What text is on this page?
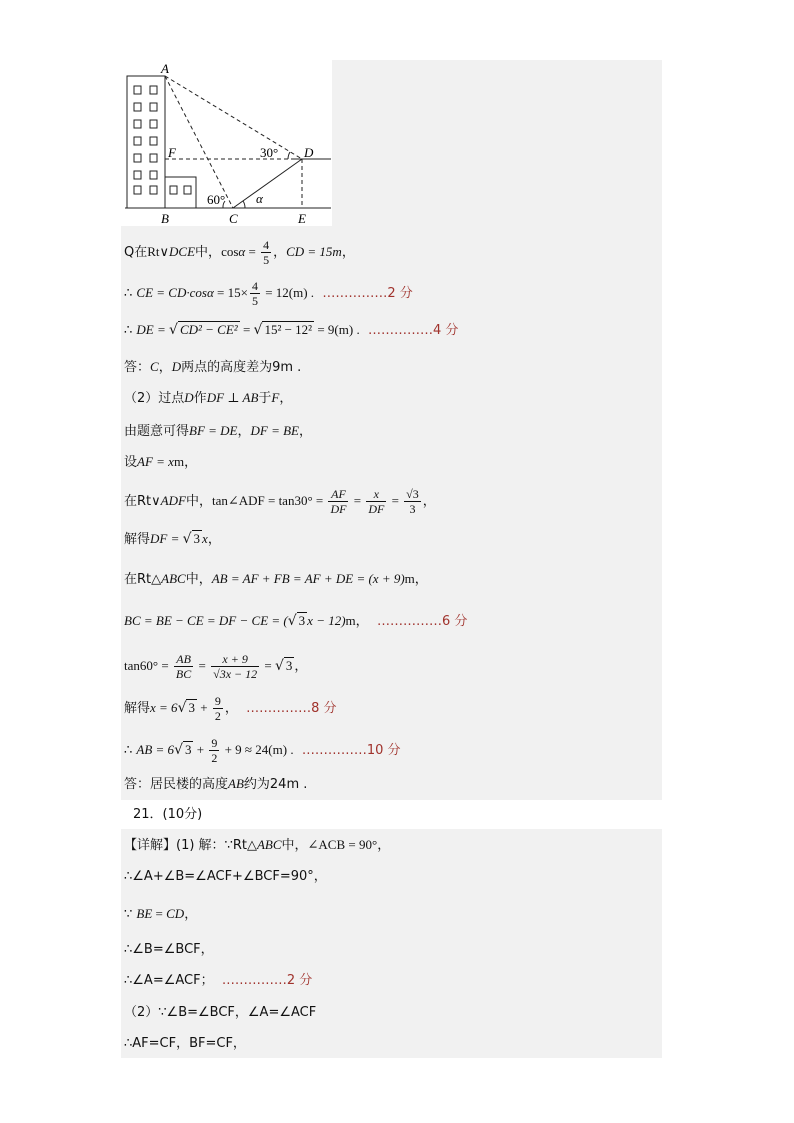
A
F	D
B	C	E
30°
60° α
Q在Rt∨DCE中，$\cos\alpha = \frac{4}{5}$ ，CD = 15m，
∴ CE = $CD\cdot\cos\alpha = 15\times \frac{4}{5} = 12(m)$ . ……………2 分
∴ DE = √ CD² − CE² = √ 15² − 12² = 9(m) . ……………4 分
答：C，D两点的高度差为9m .
（2）过点D作DF ⊥ AB于F，
由题意可得BF = DE，DF = BE，
设AF = xm，
在Rt∨ADF中，tan∠ADF = $\tan 30^\circ = \frac{AF}{DF} = \frac{x}{DF} = \frac{√3}{3}$ ，
解得DF = √ 3 x，
在Rt△ABC中，AB = AF + FB = AF + DE = (x + 9)m，
BC = BE − CE = DF − CE = (√ 3 x − 12)m， ……………6 分
$\tan 60^\circ = \frac{AB}{BC} = \frac{x + 9}{√3x - 12}$ = √ 3 ，
解得x = 6√ $3 + \frac{9}{2}$ ， ……………8 分
∴ AB = 6√ $3 + \frac{9}{2} + 9 \approx 24(m)$ . ……………10 分
答：居民楼的高度AB约为24m .
21．(10分)
【详解】(1) 解：∵Rt△ABC中，∠ACB = 90°，
∴∠A+∠B=∠ACF+∠BCF=90°，
∵ BE = CD，
∴∠B=∠BCF，
∴∠A=∠ACF； ……………2 分
（2）∵∠B=∠BCF，∠A=∠ACF
∴AF=CF，BF=CF，
